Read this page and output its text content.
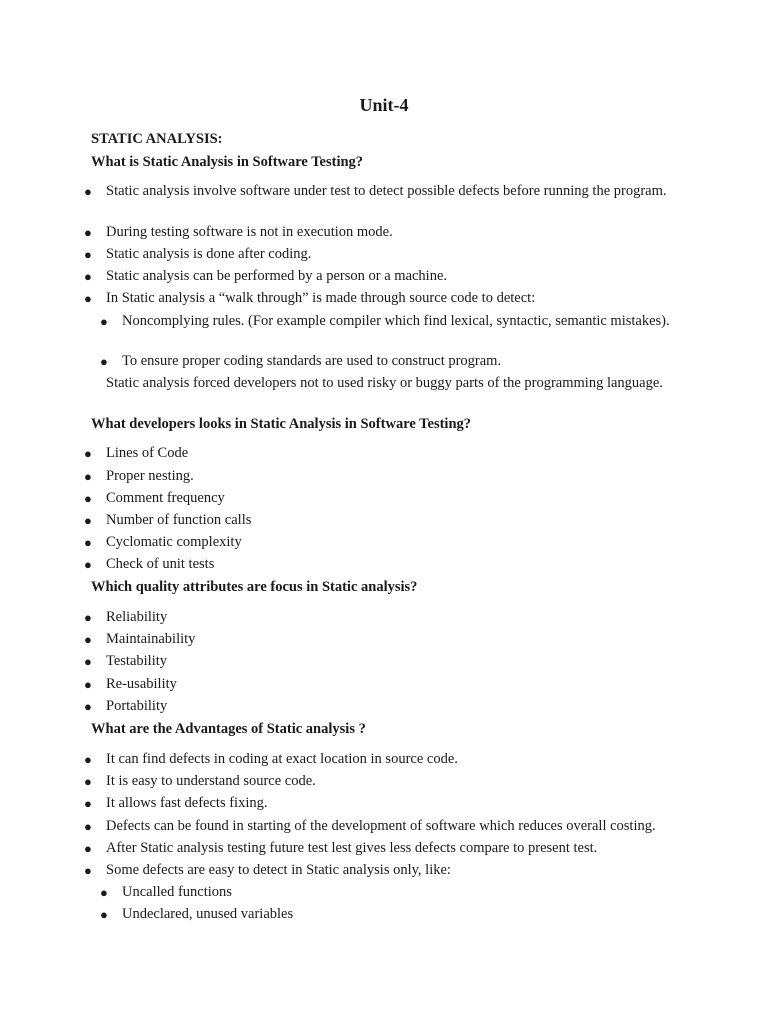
Unit-4
STATIC ANALYSIS:
What is Static Analysis in Software Testing?
● Static analysis involve software under test to detect possible defects before running the program.
● During testing software is not in execution mode.
● Static analysis is done after coding.
● Static analysis can be performed by a person or a machine.
● In Static analysis a “walk through” is made through source code to detect:
● Noncomplying rules. (For example compiler which find lexical, syntactic, semantic mistakes).
● To ensure proper coding standards are used to construct program.
Static analysis forced developers not to used risky or buggy parts of the programming language.
What developers looks in Static Analysis in Software Testing?
● Lines of Code
● Proper nesting.
● Comment frequency
● Number of function calls
● Cyclomatic complexity
● Check of unit tests
Which quality attributes are focus in Static analysis?
● Reliability
● Maintainability
● Testability
● Re-usability
● Portability
What are the Advantages of Static analysis ?
● It can find defects in coding at exact location in source code.
● It is easy to understand source code.
● It allows fast defects fixing.
● Defects can be found in starting of the development of software which reduces overall costing.
● After Static analysis testing future test lest gives less defects compare to present test.
● Some defects are easy to detect in Static analysis only, like:
● Uncalled functions
● Undeclared, unused variables
